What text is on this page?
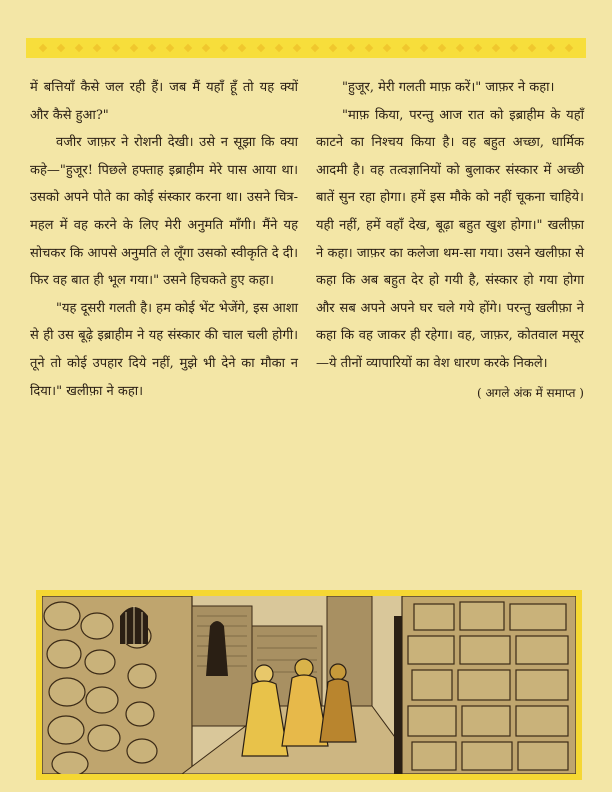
में बत्तियाँ कैसे जल रही हैं। जब मैं यहाँ हूँ तो यह क्यों और कैसे हुआ?"

वजीर जाफ़र ने रोशनी देखी। उसे न सूझा कि क्या कहे—"हुजूर! पिछले हफ्ताह इब्राहीम मेरे पास आया था। उसको अपने पोते का कोई संस्कार करना था। उसने चित्र-महल में वह करने के लिए मेरी अनुमति माँगी। मैंने यह सोचकर कि आपसे अनुमति ले लूँगा उसको स्वीकृति दे दी। फिर वह बात ही भूल गया।" उसने हिचकते हुए कहा।

"यह दूसरी गलती है। हम कोई भेंट भेजेंगे, इस आशा से ही उस बूढ़े इब्राहीम ने यह संस्कार की चाल चली होगी। तूने तो कोई उपहार दिये नहीं, मुझे भी देने का मौका न दिया।" खलीफ़ा ने कहा।

"हुजूर, मेरी गलती माफ़ करें।" जाफ़र ने कहा।

"माफ़ किया, परन्तु आज रात को इब्राहीम के यहाँ काटने का निश्चय किया है। वह बहुत अच्छा, धार्मिक आदमी है। वह तत्वज्ञानियों को बुलाकर संस्कार में अच्छी बातें सुन रहा होगा। हमें इस मौके को नहीं चूकना चाहिये। यही नहीं, हमें वहाँ देख, बूढ़ा बहुत खुश होगा।" खलीफ़ा ने कहा। जाफ़र का कलेजा थम-सा गया। उसने खलीफ़ा से कहा कि अब बहुत देर हो गयी है, संस्कार हो गया होगा और सब अपने अपने घर चले गये होंगे। परन्तु खलीफ़ा ने कहा कि वह जाकर ही रहेगा। वह, जाफ़र, कोतवाल मसूर—ये तीनों व्यापारियों का वेश धारण करके निकले।

( अगले अंक में समाप्त )
